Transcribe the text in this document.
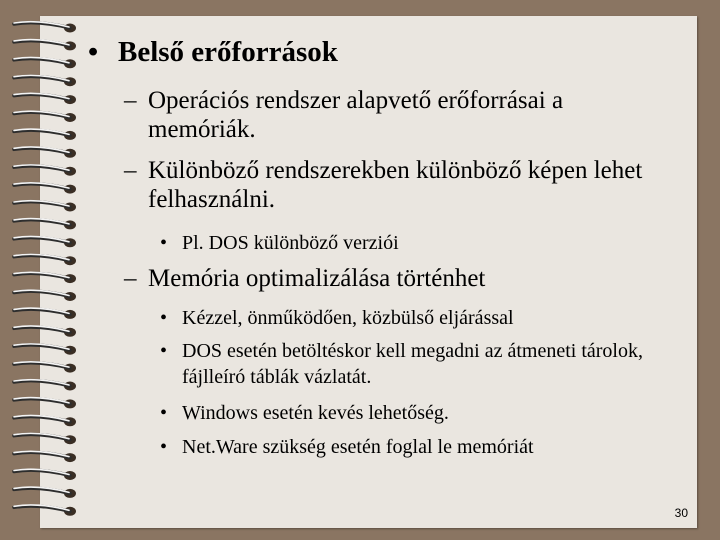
• Belső erőforrások
– Operációs rendszer alapvető erőforrásai a memóriák.
– Különböző rendszerekben különböző képen lehet felhasználni.
• Pl. DOS különböző verziói
– Memória optimalizálása történhet
• Kézzel, önműködően, közbülső eljárással
• DOS esetén betöltéskor kell megadni az átmeneti tárolok, fájlleíró táblák vázlatát.
• Windows esetén kevés lehetőség.
• Net.Ware szükség esetén foglal le memóriát
30
